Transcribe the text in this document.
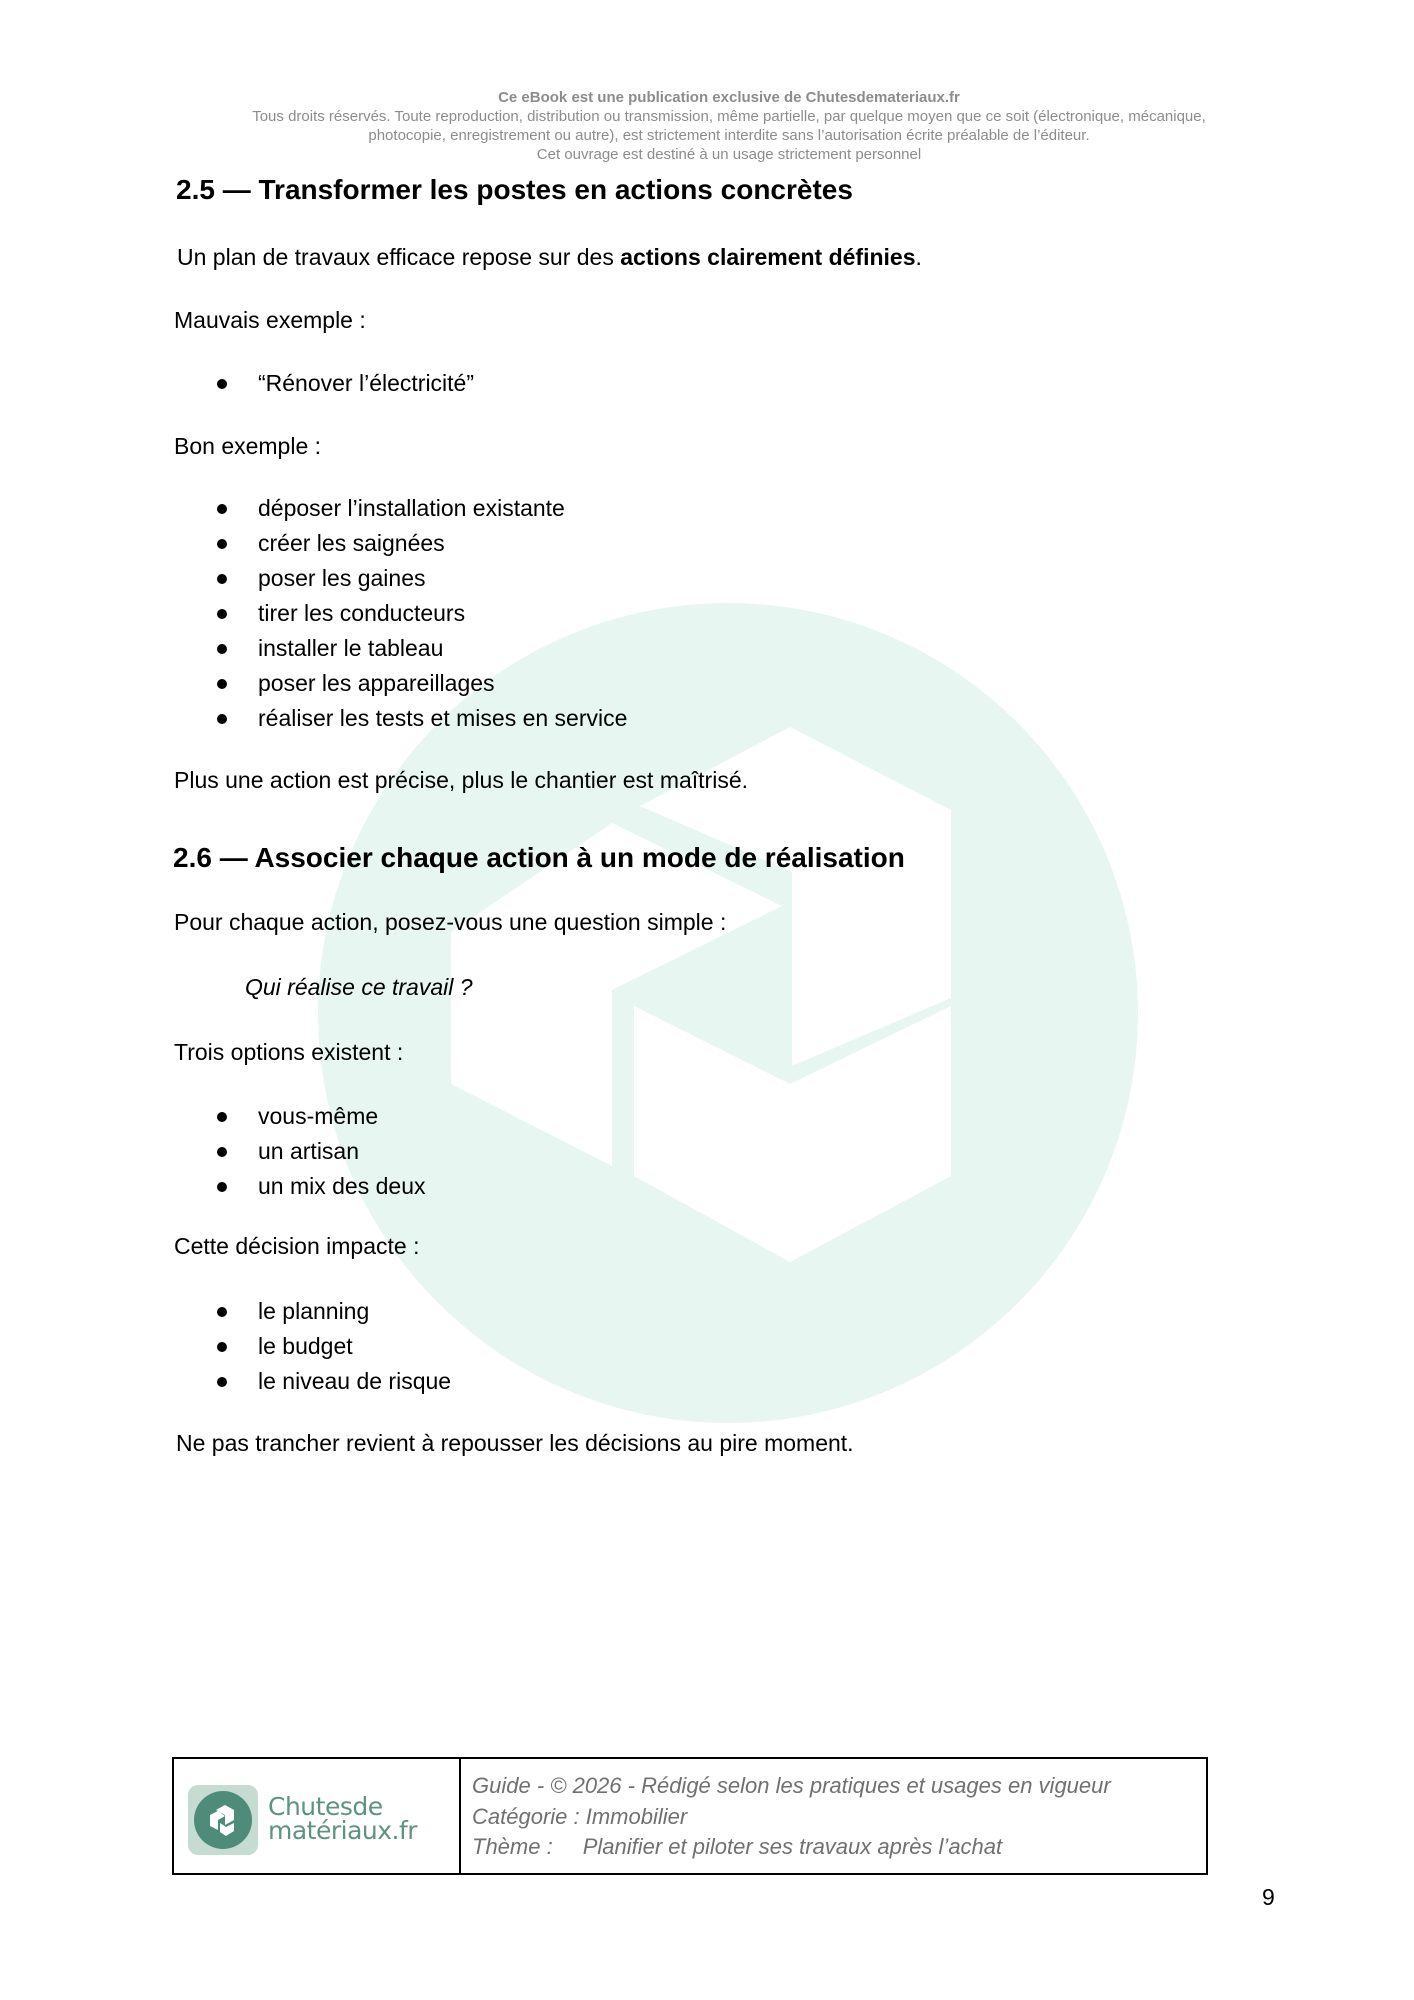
Ce eBook est une publication exclusive de Chutesdemateriaux.fr
Tous droits réservés. Toute reproduction, distribution ou transmission, même partielle, par quelque moyen que ce soit (électronique, mécanique,
photocopie, enregistrement ou autre), est strictement interdite sans l’autorisation écrite préalable de l’éditeur.
Cet ouvrage est destiné à un usage strictement personnel
2.5 — Transformer les postes en actions concrètes
Un plan de travaux efficace repose sur des actions clairement définies.
Mauvais exemple :
“Rénover l’électricité”
Bon exemple :
déposer l’installation existante
créer les saignées
poser les gaines
tirer les conducteurs
installer le tableau
poser les appareillages
réaliser les tests et mises en service
Plus une action est précise, plus le chantier est maîtrisé.
2.6 — Associer chaque action à un mode de réalisation
Pour chaque action, posez-vous une question simple :
Qui réalise ce travail ?
Trois options existent :
vous-même
un artisan
un mix des deux
Cette décision impacte :
le planning
le budget
le niveau de risque
Ne pas trancher revient à repousser les décisions au pire moment.
Chutesde
matériaux.fr
Guide - © 2026 - Rédigé selon les pratiques et usages en vigueur
Catégorie : Immobilier
Thème : Planifier et piloter ses travaux après l’achat
9
